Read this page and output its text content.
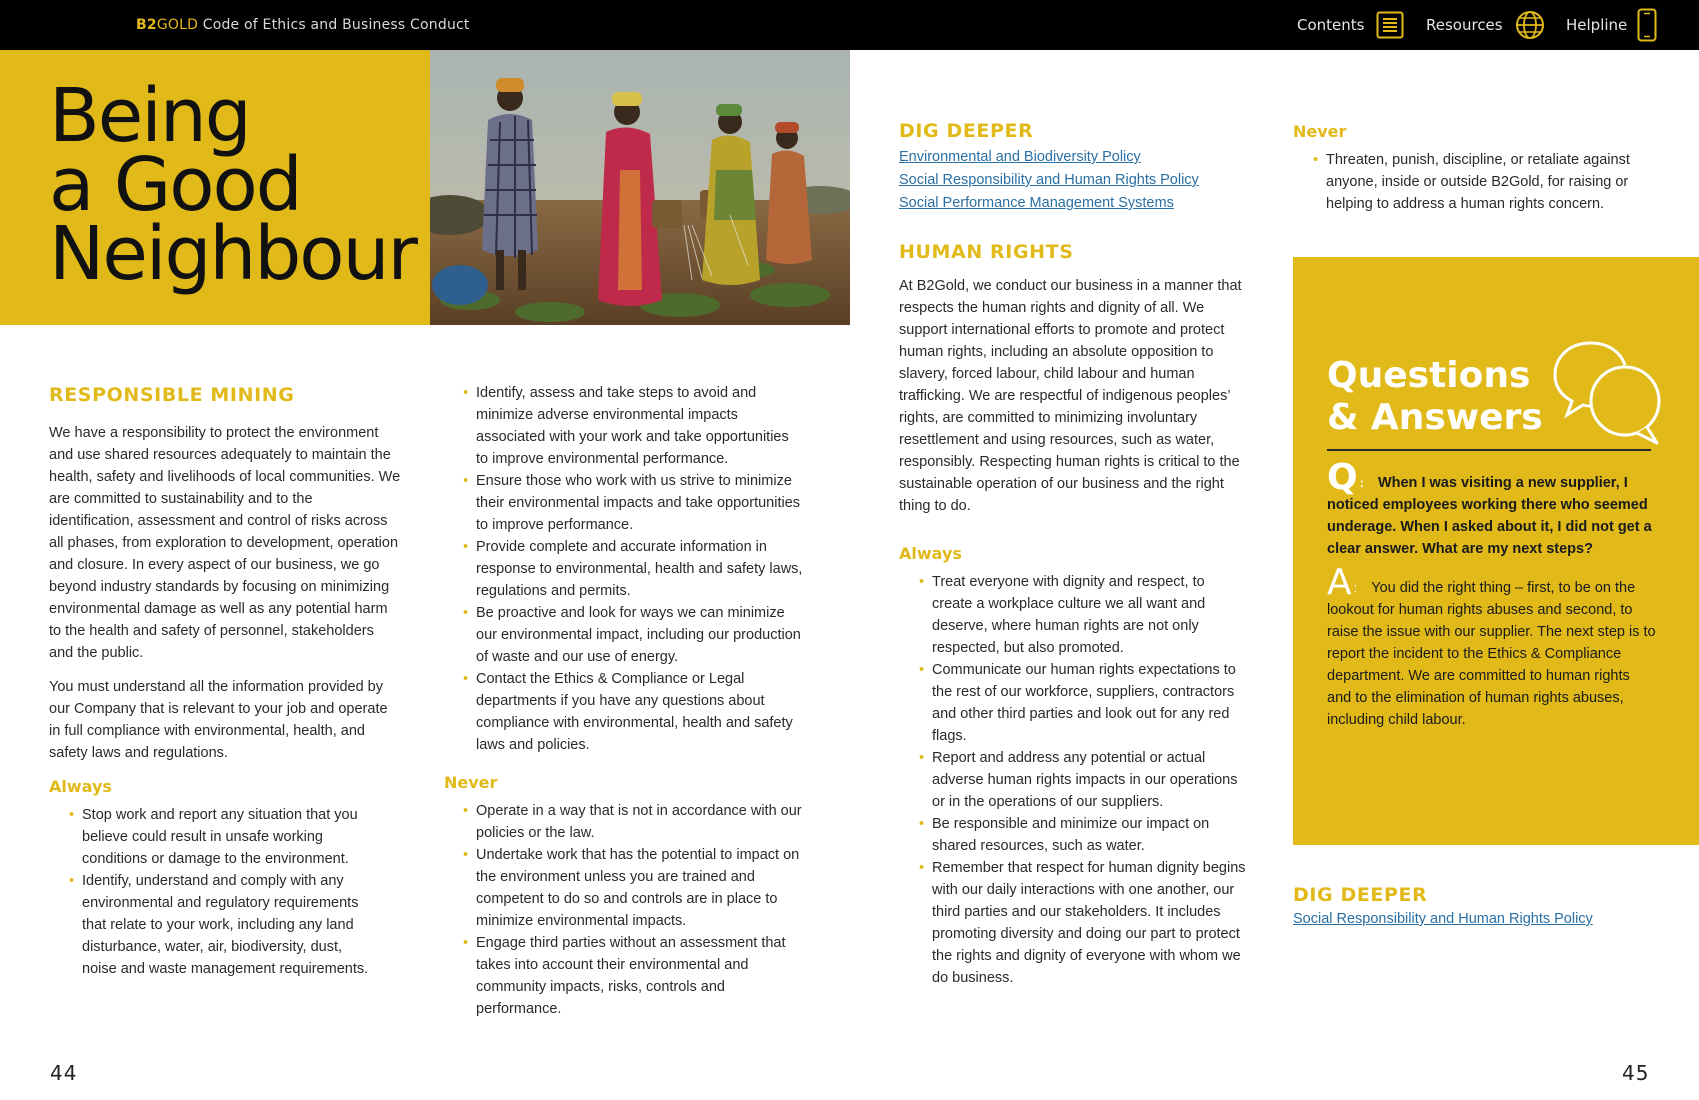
B2GOLD Code of Ethics and Business Conduct	Contents	Resources	Helpline
Being
a Good
Neighbour
RESPONSIBLE MINING

We have a responsibility to protect the environment and use shared resources adequately to maintain the health, safety and livelihoods of local communities. We are committed to sustainability and to the identification, assessment and control of risks across all phases, from exploration to development, operation and closure. In every aspect of our business, we go beyond industry standards by focusing on minimizing environmental damage as well as any potential harm to the health and safety of personnel, stakeholders and the public.

You must understand all the information provided by our Company that is relevant to your job and operate in full compliance with environmental, health, and safety laws and regulations.

Always
• Stop work and report any situation that you believe could result in unsafe working conditions or damage to the environment.
• Identify, understand and comply with any environmental and regulatory requirements that relate to your work, including any land disturbance, water, air, biodiversity, dust, noise and waste management requirements.
• Identify, assess and take steps to avoid and minimize adverse environmental impacts associated with your work and take opportunities to improve environmental performance.
• Ensure those who work with us strive to minimize their environmental impacts and take opportunities to improve performance.
• Provide complete and accurate information in response to environmental, health and safety laws, regulations and permits.
• Be proactive and look for ways we can minimize our environmental impact, including our production of waste and our use of energy.
• Contact the Ethics & Compliance or Legal departments if you have any questions about compliance with environmental, health and safety laws and policies.
Never
• Operate in a way that is not in accordance with our policies or the law.
• Undertake work that has the potential to impact on the environment unless you are trained and competent to do so and controls are in place to minimize environmental impacts.
• Engage third parties without an assessment that takes into account their environmental and community impacts, risks, controls and performance.
DIG DEEPER
Environmental and Biodiversity Policy
Social Responsibility and Human Rights Policy
Social Performance Management Systems
HUMAN RIGHTS

At B2Gold, we conduct our business in a manner that respects the human rights and dignity of all. We support international efforts to promote and protect human rights, including an absolute opposition to slavery, forced labour, child labour and human trafficking. We are respectful of indigenous peoples’ rights, are committed to minimizing involuntary resettlement and using resources, such as water, responsibly. Respecting human rights is critical to the sustainable operation of our business and the right thing to do.

Always
• Treat everyone with dignity and respect, to create a workplace culture we all want and deserve, where human rights are not only respected, but also promoted.
• Communicate our human rights expectations to the rest of our workforce, suppliers, contractors and other third parties and look out for any red flags.
• Report and address any potential or actual adverse human rights impacts in our operations or in the operations of our suppliers.
• Be responsible and minimize our impact on shared resources, such as water.
• Remember that respect for human dignity begins with our daily interactions with one another, our third parties and our stakeholders. It includes promoting diversity and doing our part to protect the rights and dignity of everyone with whom we do business.
Never
• Threaten, punish, discipline, or retaliate against anyone, inside or outside B2Gold, for raising or helping to address a human rights concern.
Questions
& Answers

Q : When I was visiting a new supplier, I noticed employees working there who seemed underage. When I asked about it, I did not get a clear answer. What are my next steps?

A : You did the right thing – first, to be on the lookout for human rights abuses and second, to raise the issue with our supplier. The next step is to report the incident to the Ethics & Compliance department. We are committed to human rights and to the elimination of human rights abuses, including child labour.

DIG DEEPER
Social Responsibility and Human Rights Policy
44	45
